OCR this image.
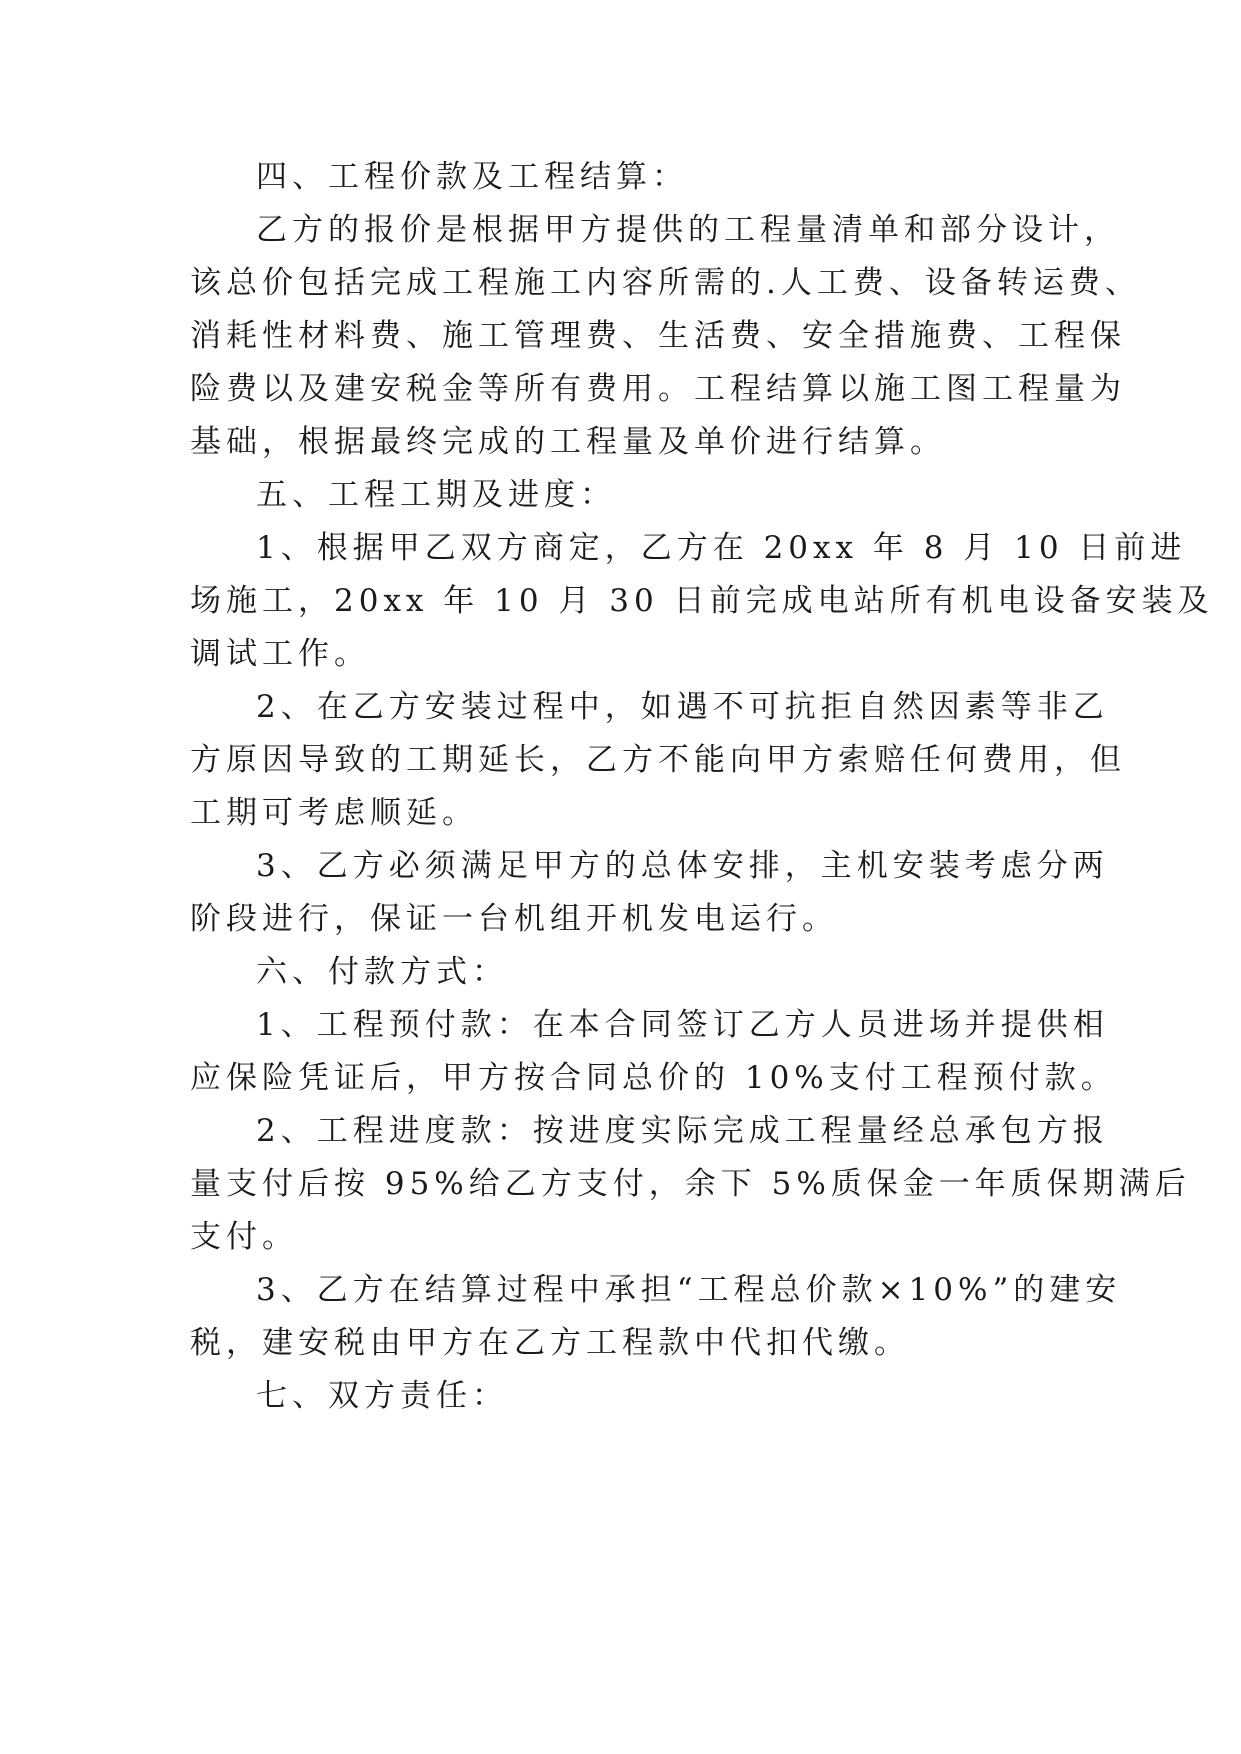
四、工程价款及工程结算：
乙方的报价是根据甲方提供的工程量清单和部分设计，
该总价包括完成工程施工内容所需的.人工费、设备转运费、
消耗性材料费、施工管理费、生活费、安全措施费、工程保
险费以及建安税金等所有费用。工程结算以施工图工程量为
基础，根据最终完成的工程量及单价进行结算。
五、工程工期及进度：
1、根据甲乙双方商定，乙方在 20xx 年 8 月 10 日前进
场施工，20xx 年 10 月 30 日前完成电站所有机电设备安装及
调试工作。
2、在乙方安装过程中，如遇不可抗拒自然因素等非乙
方原因导致的工期延长，乙方不能向甲方索赔任何费用，但
工期可考虑顺延。
3、乙方必须满足甲方的总体安排，主机安装考虑分两
阶段进行，保证一台机组开机发电运行。
六、付款方式：
1、工程预付款：在本合同签订乙方人员进场并提供相
应保险凭证后，甲方按合同总价的 10%支付工程预付款。
2、工程进度款：按进度实际完成工程量经总承包方报
量支付后按 95%给乙方支付，余下 5%质保金一年质保期满后
支付。
3、乙方在结算过程中承担“工程总价款×10%”的建安
税，建安税由甲方在乙方工程款中代扣代缴。
七、双方责任：
